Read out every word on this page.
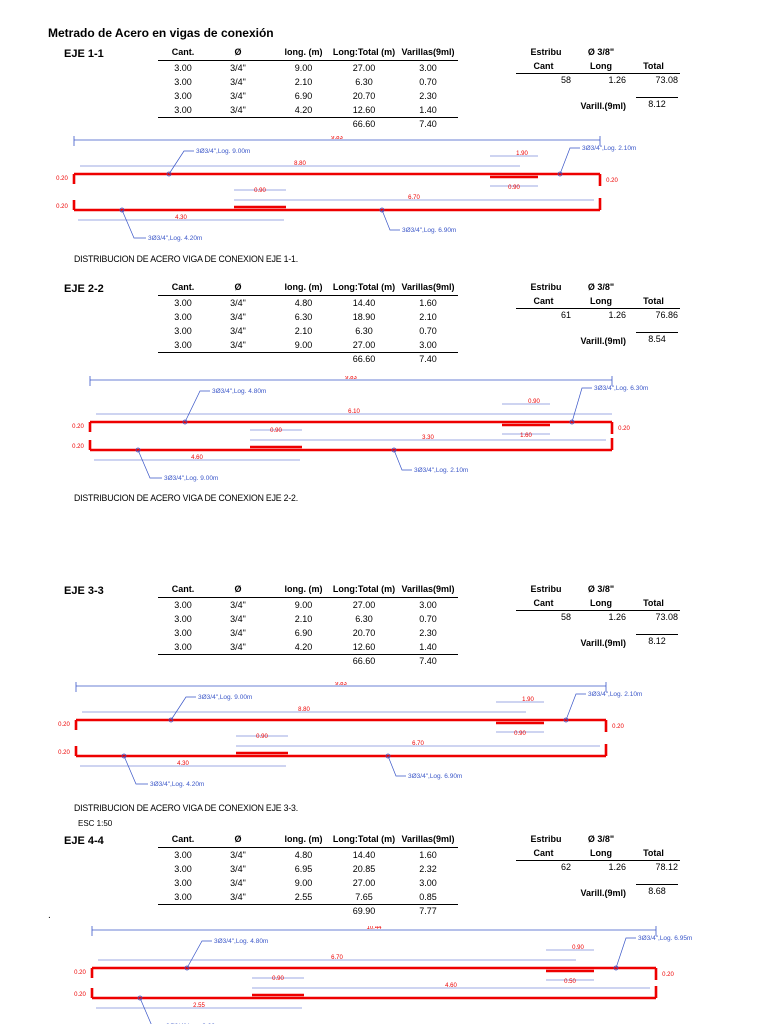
Metrado de Acero en vigas de conexión
EJE 1-1	Cant.	Ø	long. (m)	Long:Total (m) Varillas(9ml)
3.00	3/4"	9.00	27.00	3.00
3.00	3/4"	2.10	6.30	0.70
3.00	3/4"	6.90	20.70	2.30
3.00	3/4"	4.20	12.60	1.40
66.60	7.40
Estribu	Ø 3/8"
Cant	Long	Total
58	1.26	73.08
Varill.(9ml)	8.12
DISTRIBUCION DE ACERO VIGA DE CONEXION EJE 1-1.
9.83
8.80
1.90
0.90
0.90
6.70
4.30
0.20
0.20
0.20
3Ø3/4",Log. 9.00m	3Ø3/4",Log. 2.10m
3Ø3/4",Log. 4.20m
3Ø3/4",Log. 6.90m
EJE 2-2	Cant.	Ø	long. (m)	Long:Total (m) Varillas(9ml)
3.00	3/4"	4.80	14.40	1.60
3.00	3/4"	6.30	18.90	2.10
3.00	3/4"	2.10	6.30	0.70
3.00	3/4"	9.00	27.00	3.00
66.60	7.40
Estribu	Ø 3/8"
Cant	Long	Total
61	1.26	76.86
Varill.(9ml)	8.54
DISTRIBUCION DE ACERO VIGA DE CONEXION EJE 2-2.
9.83
6.10
0.90
1.60
0.90
3.30
4.60
0.20
0.20
0.20
3Ø3/4",Log. 4.80m	3Ø3/4",Log. 6.30m
3Ø3/4",Log. 9.00m
3Ø3/4",Log. 2.10m
EJE 3-3	Cant.	Ø	long. (m)	Long:Total (m) Varillas(9ml)
3.00	3/4"	9.00	27.00	3.00
3.00	3/4"	2.10	6.30	0.70
3.00	3/4"	6.90	20.70	2.30
3.00	3/4"	4.20	12.60	1.40
66.60	7.40
Estribu	Ø 3/8"
Cant	Long	Total
58	1.26	73.08
Varill.(9ml)	8.12
DISTRIBUCION DE ACERO VIGA DE CONEXION EJE 3-3.
ESC 1:50
9.83
8.80
1.90
0.90
0.90
6.70
4.30
0.20
0.20
0.20
3Ø3/4",Log. 9.00m	3Ø3/4",Log. 2.10m
3Ø3/4",Log. 4.20m
3Ø3/4",Log. 6.90m
EJE 4-4	Cant.	Ø	long. (m)	Long:Total (m) Varillas(9ml)
3.00	3/4"	4.80	14.40	1.60
3.00	3/4"	6.95	20.85	2.32
3.00	3/4"	9.00	27.00	3.00
3.00	3/4"	2.55	7.65	0.85
69.90	7.77
Estribu	Ø 3/8"
Cant	Long	Total
62	1.26	78.12
Varill.(9ml)	8.68
10.44
6.70
0.90
0.50
0.90
4.60
2.55
0.20
0.20
0.20
3Ø3/4",Log. 4.80m	3Ø3/4",Log. 6.95m
.
